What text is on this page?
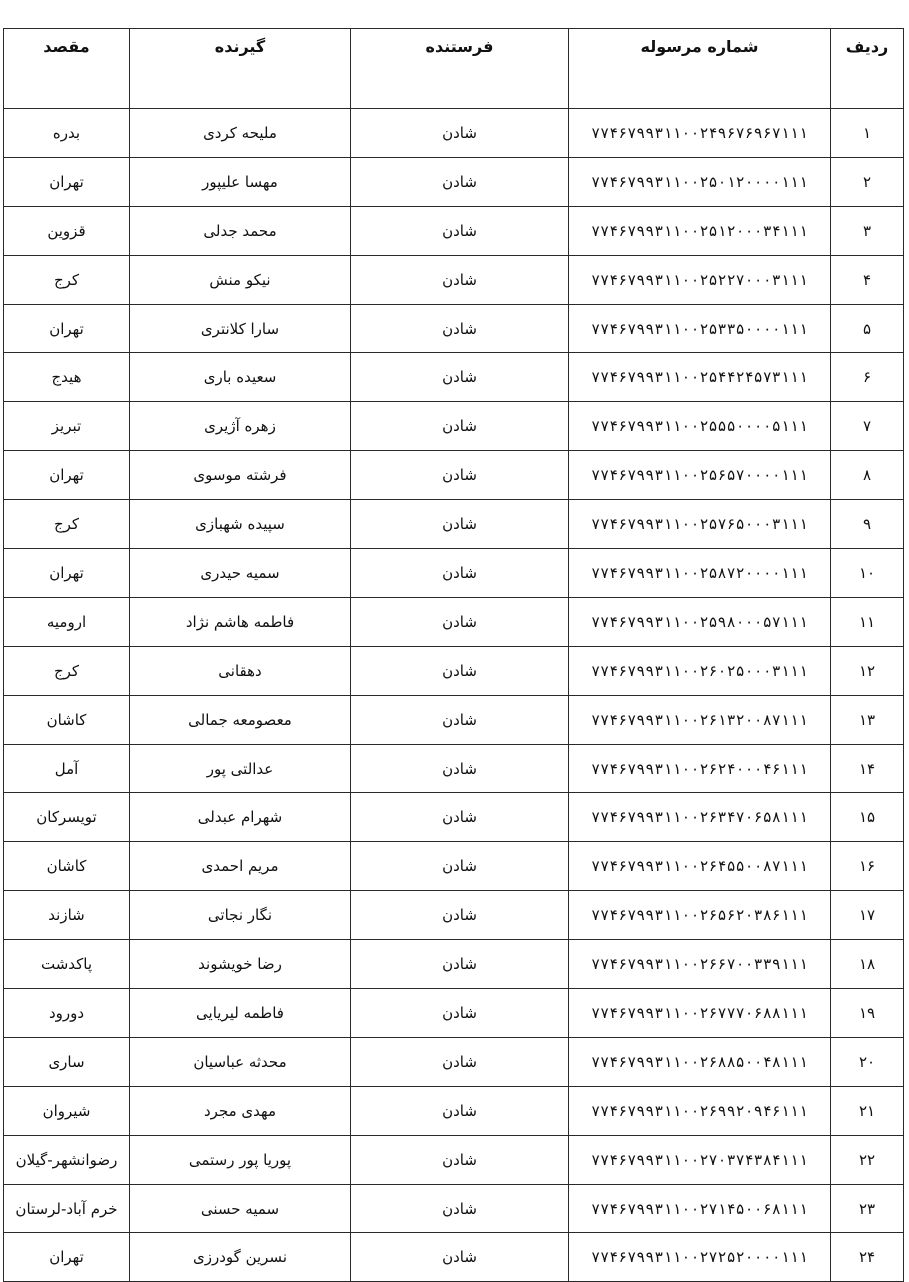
ردیف	شماره مرسوله	فرستنده	گیرنده	مقصد
۱	۷۷۴۶۷۹۹۳۱۱۰۰۲۴۹۶۷۶۹۶۷۱۱۱	شادن	ملیحه کردی	بدره
۲	۷۷۴۶۷۹۹۳۱۱۰۰۲۵۰۱۲۰۰۰۰۱۱۱	شادن	مهسا علیپور	تهران
۳	۷۷۴۶۷۹۹۳۱۱۰۰۲۵۱۲۰۰۰۳۴۱۱۱	شادن	محمد جدلی	قزوین
۴	۷۷۴۶۷۹۹۳۱۱۰۰۲۵۲۲۷۰۰۰۳۱۱۱	شادن	نیکو منش	کرج
۵	۷۷۴۶۷۹۹۳۱۱۰۰۲۵۳۳۵۰۰۰۰۱۱۱	شادن	سارا کلانتری	تهران
۶	۷۷۴۶۷۹۹۳۱۱۰۰۲۵۴۴۲۴۵۷۳۱۱۱	شادن	سعیده باری	هیدج
۷	۷۷۴۶۷۹۹۳۱۱۰۰۲۵۵۵۰۰۰۰۵۱۱۱	شادن	زهره آژیری	تبریز
۸	۷۷۴۶۷۹۹۳۱۱۰۰۲۵۶۵۷۰۰۰۰۱۱۱	شادن	فرشته موسوی	تهران
۹	۷۷۴۶۷۹۹۳۱۱۰۰۲۵۷۶۵۰۰۰۳۱۱۱	شادن	سپیده شهبازی	کرج
۱۰	۷۷۴۶۷۹۹۳۱۱۰۰۲۵۸۷۲۰۰۰۰۱۱۱	شادن	سمیه حیدری	تهران
۱۱	۷۷۴۶۷۹۹۳۱۱۰۰۲۵۹۸۰۰۰۵۷۱۱۱	شادن	فاطمه هاشم نژاد	ارومیه
۱۲	۷۷۴۶۷۹۹۳۱۱۰۰۲۶۰۲۵۰۰۰۳۱۱۱	شادن	دهقانی	کرج
۱۳	۷۷۴۶۷۹۹۳۱۱۰۰۲۶۱۳۲۰۰۸۷۱۱۱	شادن	معصومعه جمالی	کاشان
۱۴	۷۷۴۶۷۹۹۳۱۱۰۰۲۶۲۴۰۰۰۴۶۱۱۱	شادن	عدالتی پور	آمل
۱۵	۷۷۴۶۷۹۹۳۱۱۰۰۲۶۳۴۷۰۶۵۸۱۱۱	شادن	شهرام عبدلی	تویسرکان
۱۶	۷۷۴۶۷۹۹۳۱۱۰۰۲۶۴۵۵۰۰۸۷۱۱۱	شادن	مریم احمدی	کاشان
۱۷	۷۷۴۶۷۹۹۳۱۱۰۰۲۶۵۶۲۰۳۸۶۱۱۱	شادن	نگار نجاتی	شازند
۱۸	۷۷۴۶۷۹۹۳۱۱۰۰۲۶۶۷۰۰۳۳۹۱۱۱	شادن	رضا خویشوند	پاکدشت
۱۹	۷۷۴۶۷۹۹۳۱۱۰۰۲۶۷۷۷۰۶۸۸۱۱۱	شادن	فاطمه لیریایی	دورود
۲۰	۷۷۴۶۷۹۹۳۱۱۰۰۲۶۸۸۵۰۰۴۸۱۱۱	شادن	محدثه عباسیان	ساری
۲۱	۷۷۴۶۷۹۹۳۱۱۰۰۲۶۹۹۲۰۹۴۶۱۱۱	شادن	مهدی مجرد	شیروان
۲۲	۷۷۴۶۷۹۹۳۱۱۰۰۲۷۰۳۷۴۳۸۴۱۱۱	شادن	پوریا پور رستمی	رضوانشهر-گیلان
۲۳	۷۷۴۶۷۹۹۳۱۱۰۰۲۷۱۴۵۰۰۶۸۱۱۱	شادن	سمیه حسنی	خرم آباد-لرستان
۲۴	۷۷۴۶۷۹۹۳۱۱۰۰۲۷۲۵۲۰۰۰۰۱۱۱	شادن	نسرین گودرزی	تهران
